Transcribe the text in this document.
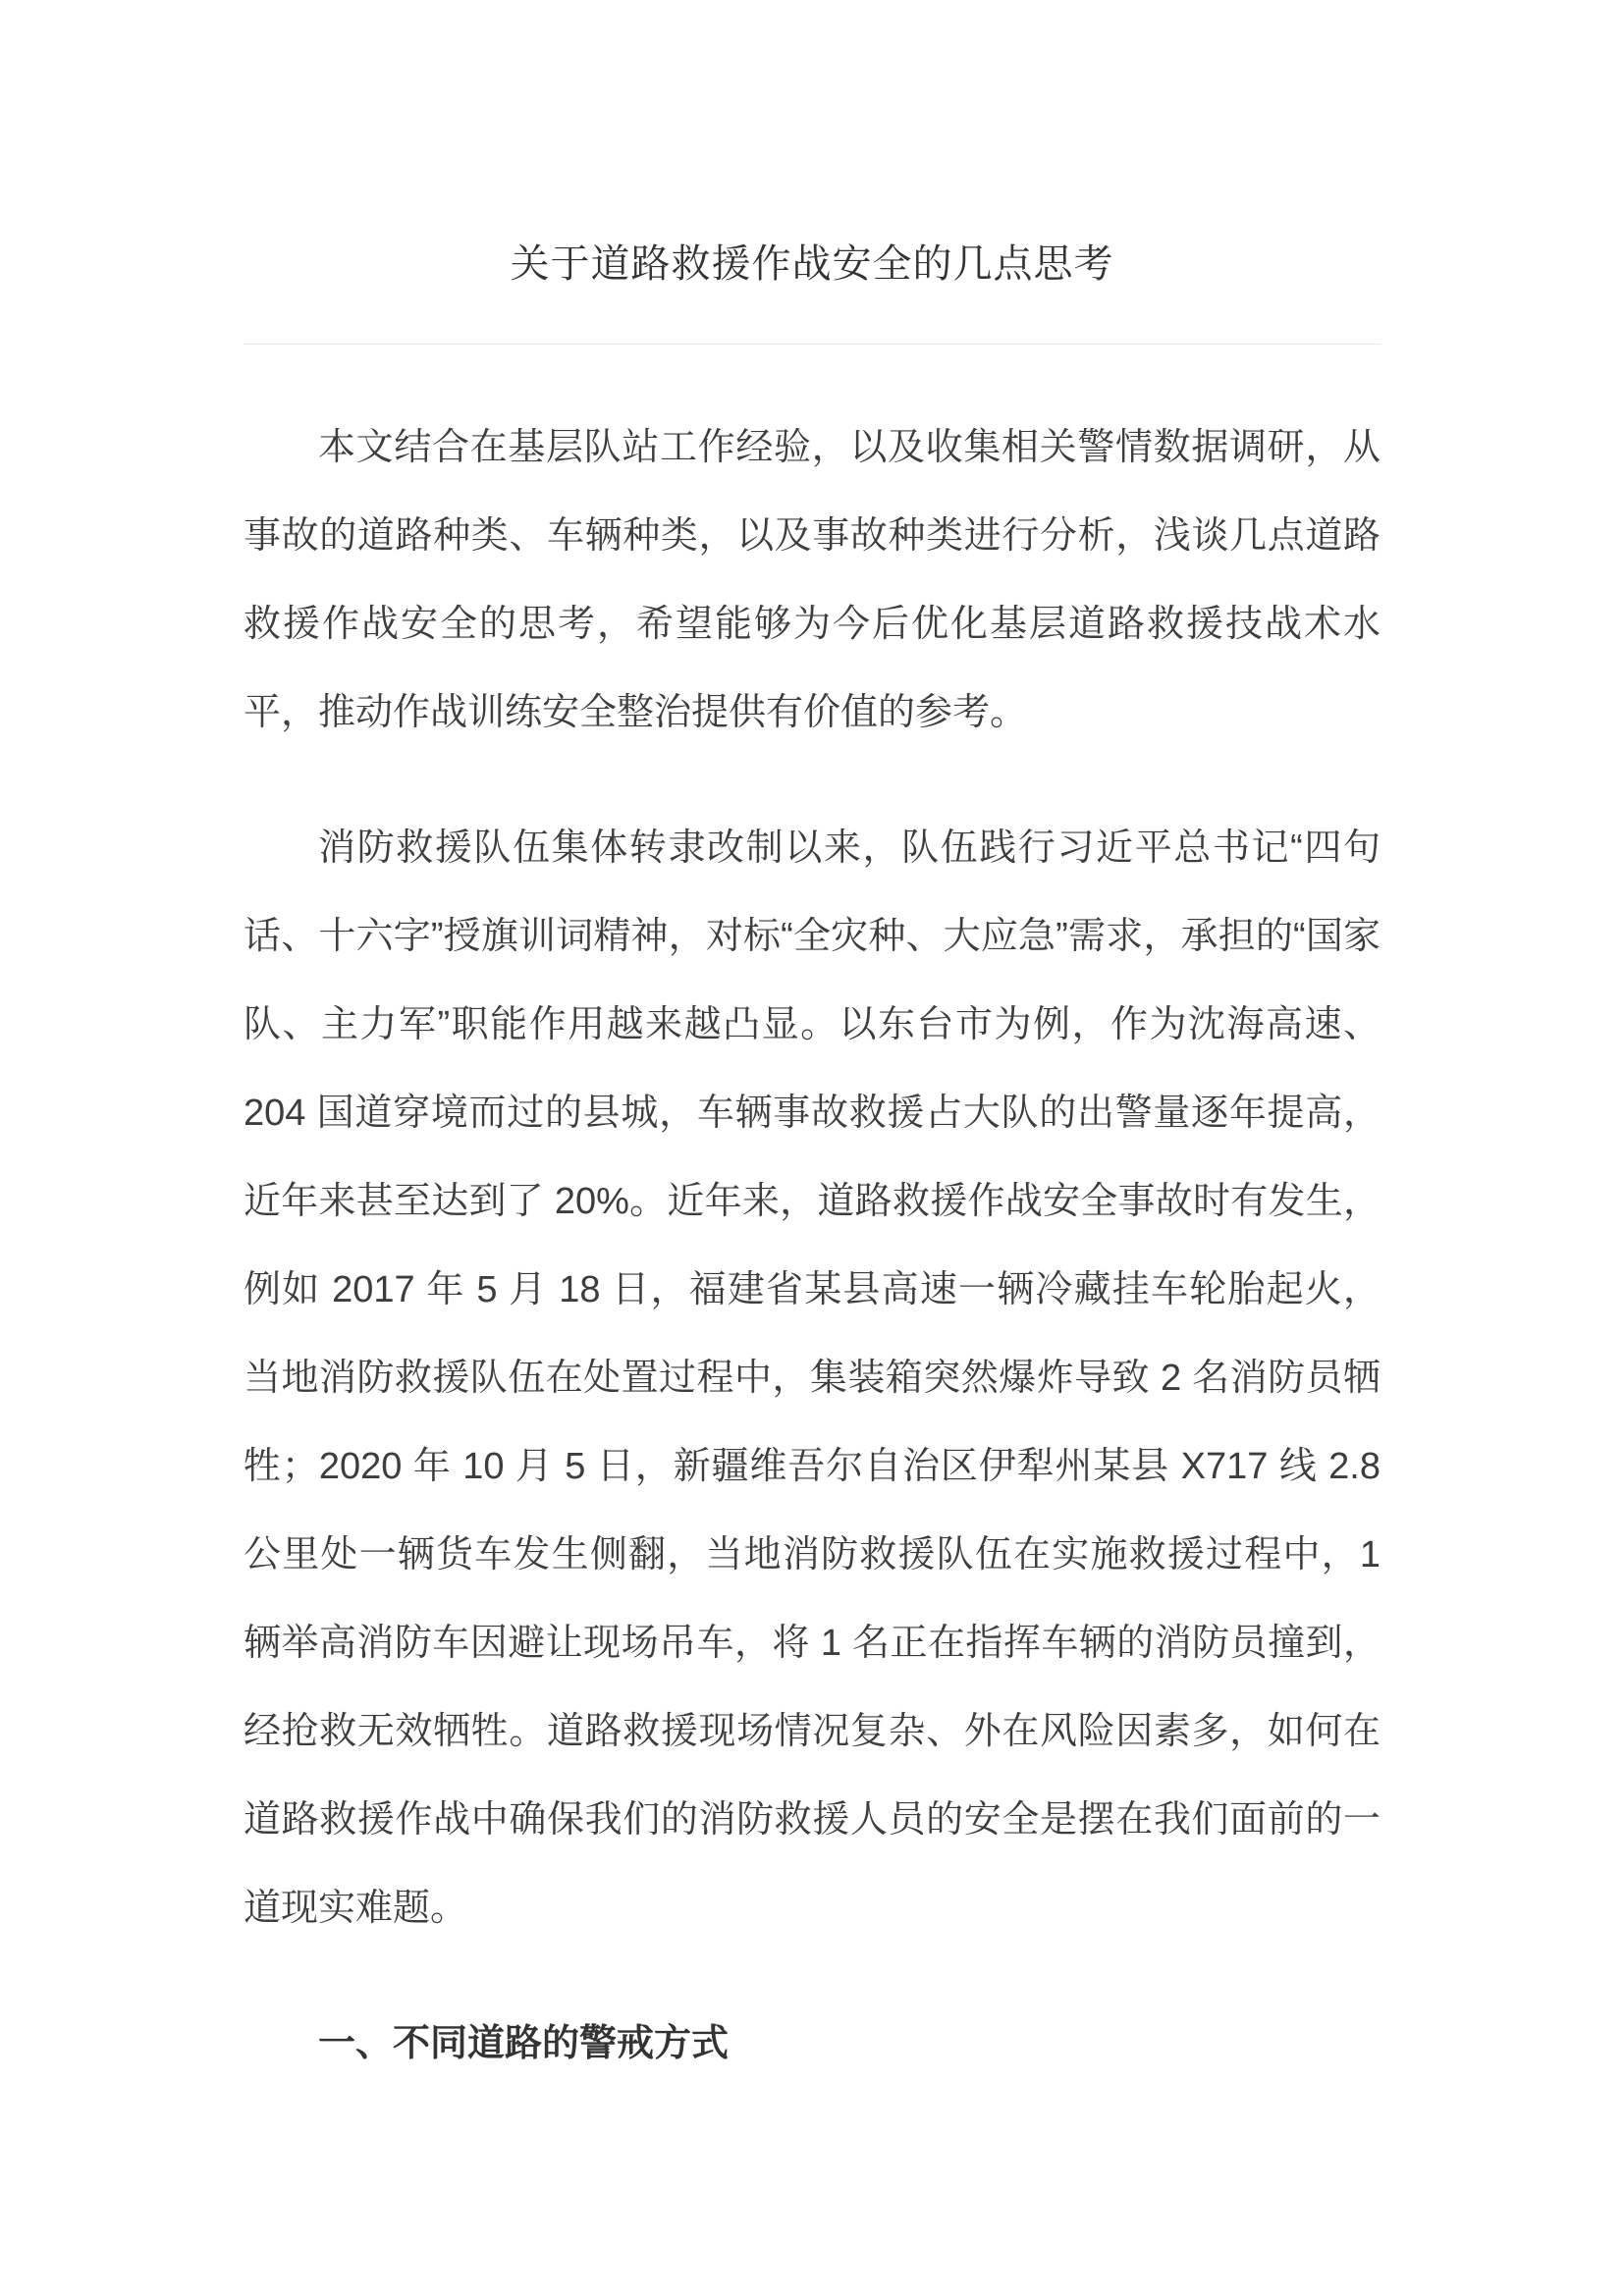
关于道路救援作战安全的几点思考

本文结合在基层队站工作经验，以及收集相关警情数据调研，从事故的道路种类、车辆种类，以及事故种类进行分析，浅谈几点道路救援作战安全的思考，希望能够为今后优化基层道路救援技战术水平，推动作战训练安全整治提供有价值的参考。

消防救援队伍集体转隶改制以来，队伍践行习近平总书记“四句话、十六字”授旗训词精神，对标“全灾种、大应急”需求，承担的“国家队、主力军”职能作用越来越凸显。以东台市为例，作为沈海高速、204 国道穿境而过的县城，车辆事故救援占大队的出警量逐年提高，近年来甚至达到了 20%。近年来，道路救援作战安全事故时有发生，例如 2017 年 5 月 18 日，福建省某县高速一辆冷藏挂车轮胎起火，当地消防救援队伍在处置过程中，集装箱突然爆炸导致 2 名消防员牺牲；2020 年 10 月 5 日，新疆维吾尔自治区伊犁州某县 X717 线 2.8 公里处一辆货车发生侧翻，当地消防救援队伍在实施救援过程中，1 辆举高消防车因避让现场吊车，将 1 名正在指挥车辆的消防员撞到，经抢救无效牺牲。道路救援现场情况复杂、外在风险因素多，如何在道路救援作战中确保我们的消防救援人员的安全是摆在我们面前的一道现实难题。

一、不同道路的警戒方式
